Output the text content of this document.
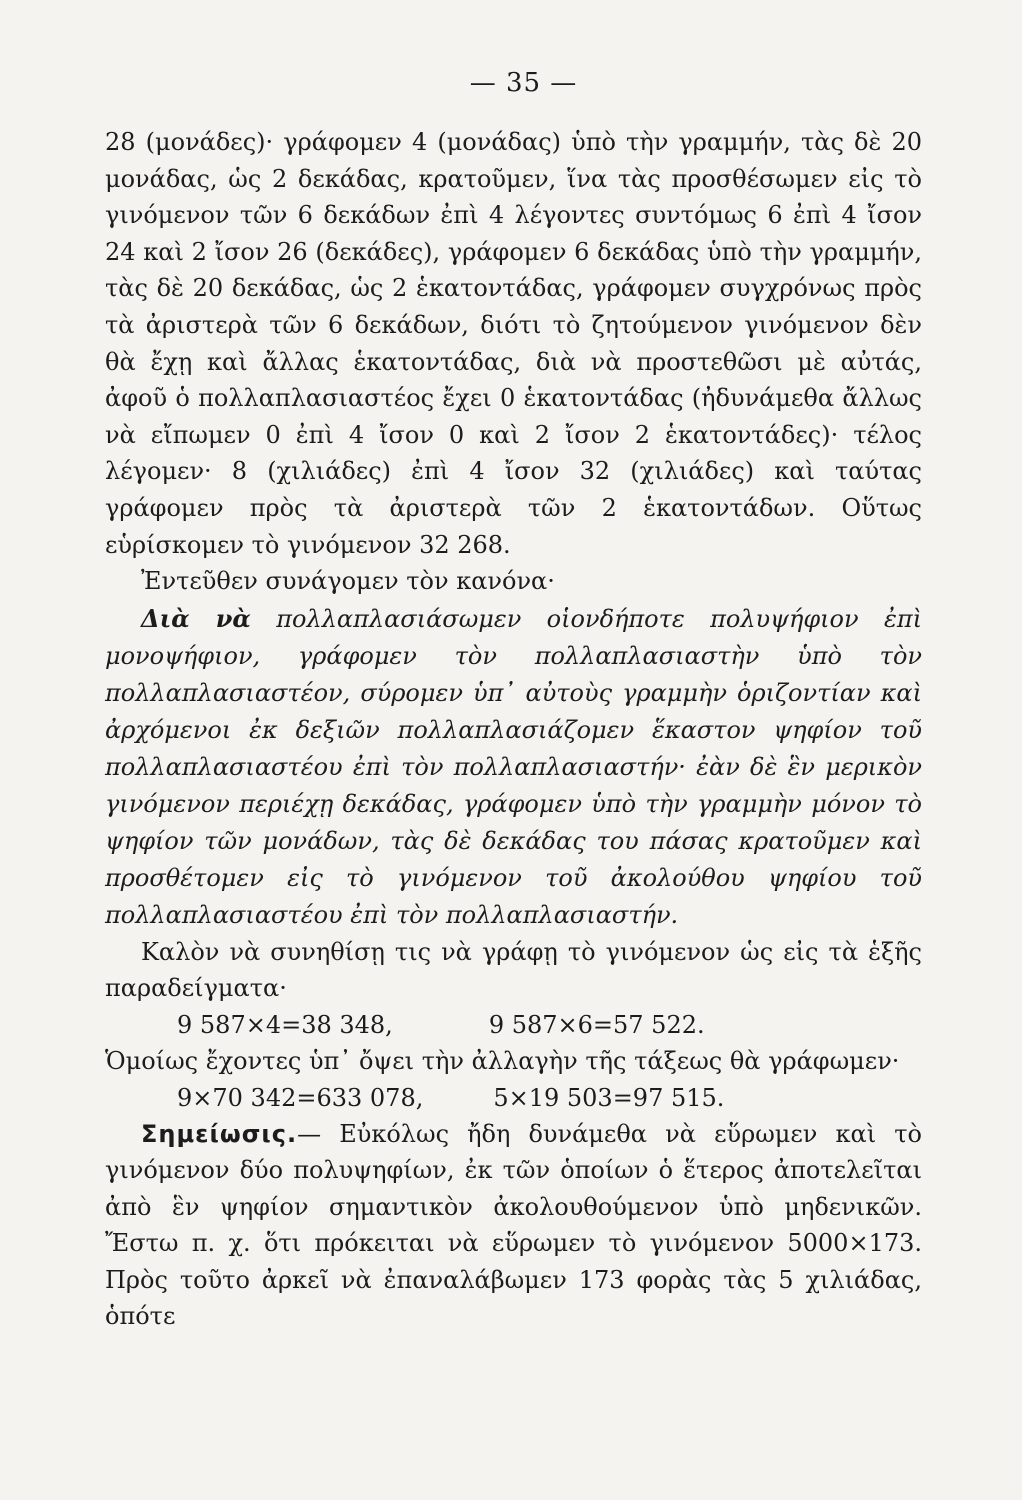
— 35 —

28 (μονάδες)· γράφομεν 4 (μονάδας) ὑπὸ τὴν γραμμήν, τὰς δὲ 20 μονάδας, ὡς 2 δεκάδας, κρατοῦμεν, ἵνα τὰς προσθέσωμεν εἰς τὸ γινόμενον τῶν 6 δεκάδων ἐπὶ 4 λέγοντες συντόμως 6 ἐπὶ 4 ἴσον 24 καὶ 2 ἴσον 26 (δεκάδες), γράφομεν 6 δεκάδας ὑπὸ τὴν γραμμήν, τὰς δὲ 20 δεκάδας, ὡς 2 ἑκατοντάδας, γράφομεν συγχρόνως πρὸς τὰ ἀριστερὰ τῶν 6 δεκάδων, διότι τὸ ζητούμενον γινόμενον δὲν θὰ ἔχῃ καὶ ἄλλας ἑκατοντάδας, διὰ νὰ προστεθῶσι μὲ αὐτάς, ἀφοῦ ὁ πολλαπλασιαστέος ἔχει 0 ἑκατοντάδας (ἠδυνάμεθα ἄλλως νὰ εἴπωμεν 0 ἐπὶ 4 ἴσον 0 καὶ 2 ἴσον 2 ἑκατοντάδες)· τέλος λέγομεν· 8 (χιλιάδες) ἐπὶ 4 ἴσον 32 (χιλιάδες) καὶ ταύτας γράφομεν πρὸς τὰ ἀριστερὰ τῶν 2 ἑκατοντάδων. Οὕτως εὑρίσκομεν τὸ γινόμενον 32 268.

Ἐντεῦθεν συνάγομεν τὸν κανόνα·

Διὰ νὰ πολλαπλασιάσωμεν οἱονδήποτε πολυψήφιον ἐπὶ μονοψήφιον, γράφομεν τὸν πολλαπλασιαστὴν ὑπὸ τὸν πολλαπλασιαστέον, σύρομεν ὑπ᾿ αὐτοὺς γραμμὴν ὁριζοντίαν καὶ ἀρχόμενοι ἐκ δεξιῶν πολλαπλασιάζομεν ἕκαστον ψηφίον τοῦ πολλαπλασιαστέου ἐπὶ τὸν πολλαπλασιαστήν· ἐὰν δὲ ἓν μερικὸν γινόμενον περιέχῃ δεκάδας, γράφομεν ὑπὸ τὴν γραμμὴν μόνον τὸ ψηφίον τῶν μονάδων, τὰς δὲ δεκάδας του πάσας κρατοῦμεν καὶ προσθέτομεν εἰς τὸ γινόμενον τοῦ ἀκολούθου ψηφίου τοῦ πολλαπλασιαστέου ἐπὶ τὸν πολλαπλασιαστήν.

Καλὸν νὰ συνηθίσῃ τις νὰ γράφῃ τὸ γινόμενον ὡς εἰς τὰ ἑξῆς παραδείγματα·

9 587×4=38 348,	9 587×6=57 522.

Ὁμοίως ἔχοντες ὑπ᾿ ὄψει τὴν ἀλλαγὴν τῆς τάξεως θὰ γράφωμεν·

9×70 342=633 078,	5×19 503=97 515.

Σημείωσις.— Εὐκόλως ἤδη δυνάμεθα νὰ εὕρωμεν καὶ τὸ γινόμενον δύο πολυψηφίων, ἐκ τῶν ὁποίων ὁ ἕτερος ἀποτελεῖται ἀπὸ ἓν ψηφίον σημαντικὸν ἀκολουθούμενον ὑπὸ μηδενικῶν. Ἔστω π. χ. ὅτι πρόκειται νὰ εὕρωμεν τὸ γινόμενον 5000×173. Πρὸς τοῦτο ἀρκεῖ νὰ ἐπαναλάβωμεν 173 φορὰς τὰς 5 χιλιάδας, ὁπότε
